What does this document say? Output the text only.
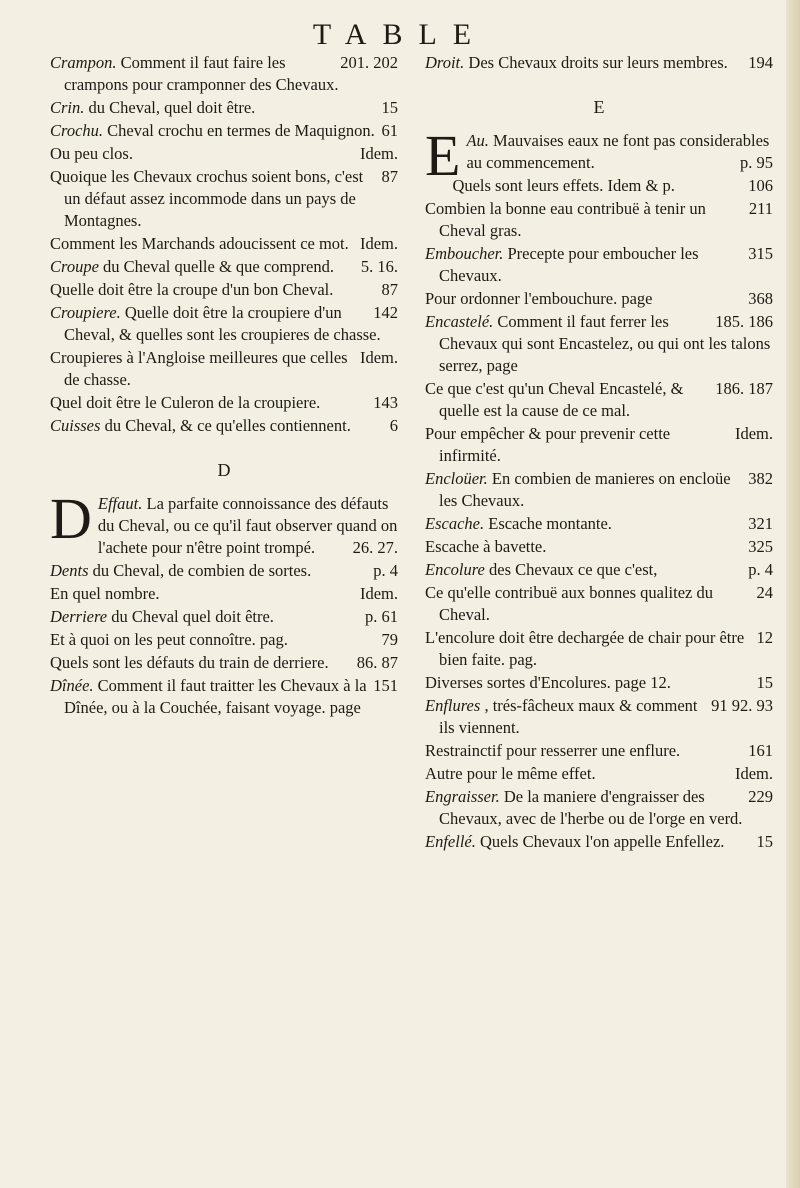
TABLE
201. 202
Crampon. Comment il faut faire les crampons pour cramponner des Chevaux.
15
Crin. du Cheval, quel doit être.
61
Crochu. Cheval crochu en termes de Maquignon.
Idem.
Ou peu clos.
87
Quoique les Chevaux crochus soient bons, c'est un défaut assez incommode dans un pays de Montagnes.
Idem.
Comment les Marchands adoucissent ce mot.
5. 16.
Croupe du Cheval quelle & que comprend.
87
Quelle doit être la croupe d'un bon Cheval.
142
Croupiere. Quelle doit être la croupiere d'un Cheval, & quelles sont les croupieres de chasse.
Idem.
Croupieres à l'Angloise meilleures que celles de chasse.
143
Quel doit être le Culeron de la croupiere.
6
Cuisses du Cheval, & ce qu'elles contiennent.
D
D Effaut. La parfaite connoissance des défauts du Cheval, ou ce qu'il faut observer quand on l'achete pour n'être point trompé. 26. 27.
p. 4
Dents du Cheval, de combien de sortes.
Idem.
En quel nombre.
p. 61
Derriere du Cheval quel doit être.
79
Et à quoi on les peut connoître. pag.
86. 87
Quels sont les défauts du train de derriere.
151
Dînée. Comment il faut traitter les Chevaux à la Dînée, ou à la Couchée, faisant voyage. page
194
Droit. Des Chevaux droits sur leurs membres.
E
E Au. Mauvaises eaux ne font pas considerables au commencement.	p. 95
106
Quels sont leurs effets. Idem & p.
211
Combien la bonne eau contribuë à tenir un Cheval gras.
315
Emboucher. Precepte pour emboucher les Chevaux.
368
Pour ordonner l'embouchure. page
185. 186
Encastelé. Comment il faut ferrer les Chevaux qui sont Encastelez, ou qui ont les talons serrez, page
186. 187
Ce que c'est qu'un Cheval Encastelé, & quelle est la cause de ce mal.
Idem.
Pour empêcher & pour prevenir cette infirmité.
382
Encloüer. En combien de manieres on encloüe les Chevaux.
321
Escache. Escache montante.
325
Escache à bavette.
p. 4
Encolure des Chevaux ce que c'est,
24
Ce qu'elle contribuë aux bonnes qualitez du Cheval.
12
L'encolure doit être dechargée de chair pour être bien faite. pag.
15
Diverses sortes d'Encolures. page 12.
91 92. 93
Enflures , trés-fâcheux maux & comment ils viennent.
161
Restrainctif pour resserrer une enflure.
Idem.
Autre pour le même effet.
229
Engraisser. De la maniere d'engraisser des Chevaux, avec de l'herbe ou de l'orge en verd.
15
Enfellé. Quels Chevaux l'on appelle Enfellez.
